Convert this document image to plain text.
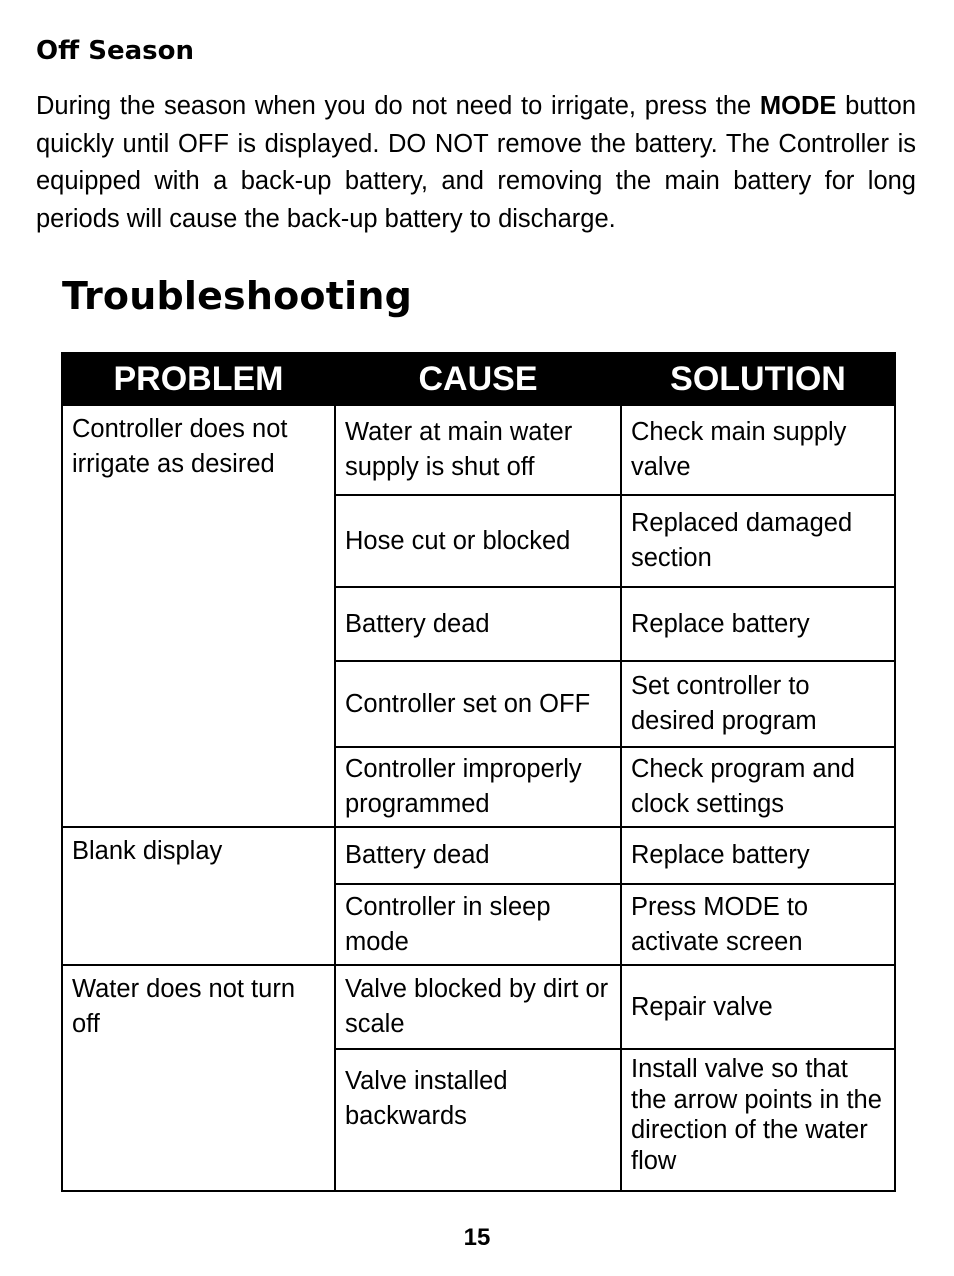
Off Season

During the season when you do not need to irrigate, press the MODE button quickly until OFF is displayed. DO NOT remove the battery. The Controller is equipped with a back-up battery, and removing the main battery for long periods will cause the back-up battery to discharge.

Troubleshooting
PROBLEM	CAUSE	SOLUTION
Controller does not irrigate as desired	Water at main water supply is shut off	Check main supply valve
	Hose cut or blocked	Replaced damaged section
	Battery dead	Replace battery
	Controller set on OFF	Set controller to desired program
	Controller improperly programmed	Check program and clock settings
Blank display	Battery dead	Replace battery
	Controller in sleep mode	Press MODE to activate screen
Water does not turn off	Valve blocked by dirt or scale	Repair valve
	Valve installed backwards	Install valve so that the arrow points in the direction of the water flow

15
